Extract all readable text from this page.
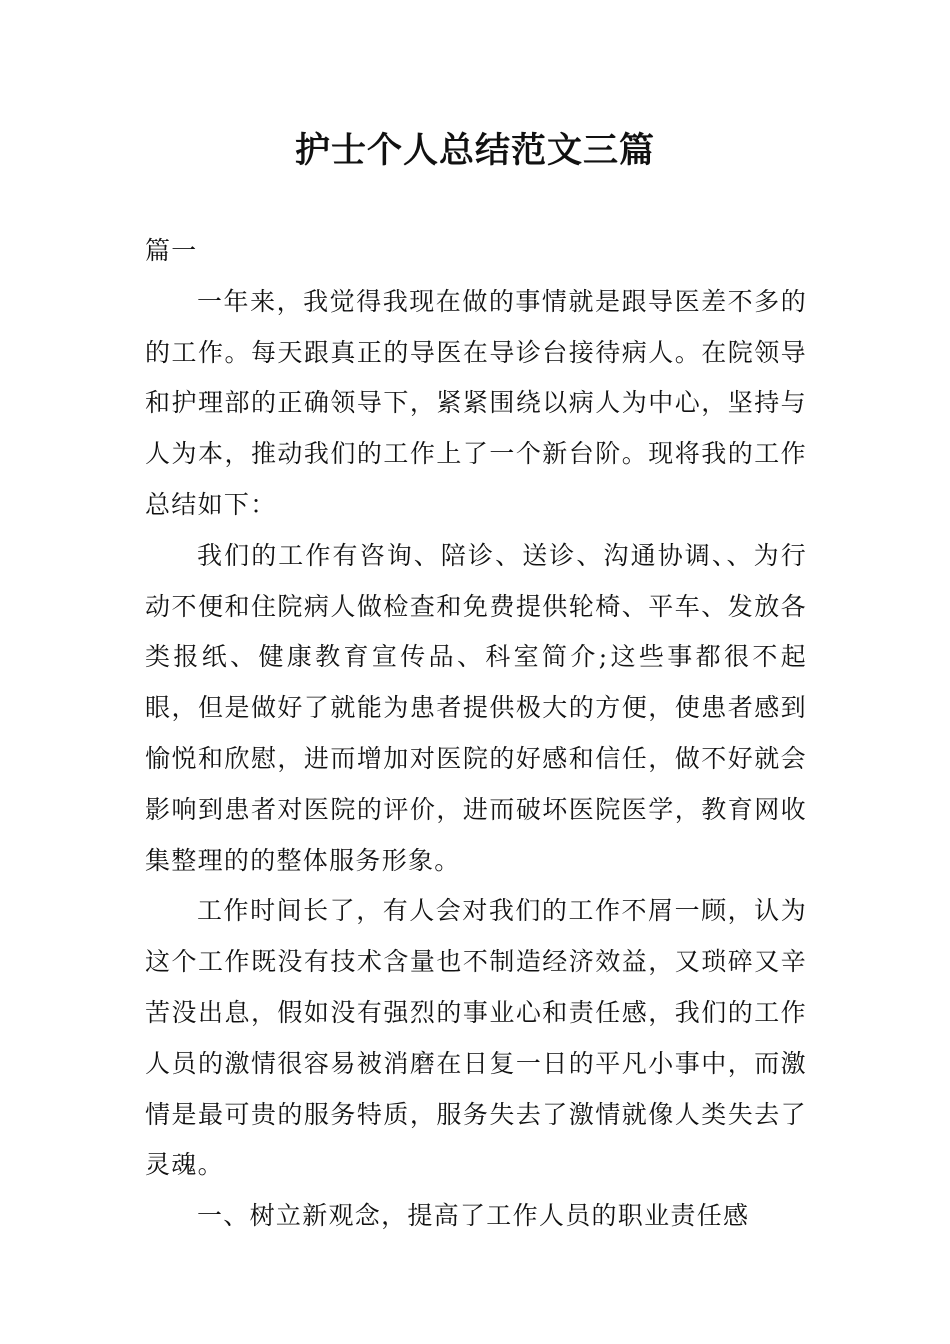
护士个人总结范文三篇

篇一

一年来，我觉得我现在做的事情就是跟导医差不多的的工作。每天跟真正的导医在导诊台接待病人。在院领导和护理部的正确领导下，紧紧围绕以病人为中心，坚持与人为本，推动我们的工作上了一个新台阶。现将我的工作总结如下：

我们的工作有咨询、陪诊、送诊、沟通协调、、为行动不便和住院病人做检查和免费提供轮椅、平车、发放各类报纸、健康教育宣传品、科室简介;这些事都很不起眼，但是做好了就能为患者提供极大的方便，使患者感到愉悦和欣慰，进而增加对医院的好感和信任，做不好就会影响到患者对医院的评价，进而破坏医院医学，教育网收集整理的的整体服务形象。

工作时间长了，有人会对我们的工作不屑一顾，认为这个工作既没有技术含量也不制造经济效益，又琐碎又辛苦没出息，假如没有强烈的事业心和责任感，我们的工作人员的激情很容易被消磨在日复一日的平凡小事中，而激情是最可贵的服务特质，服务失去了激情就像人类失去了灵魂。

一、树立新观念，提高了工作人员的职业责任感
